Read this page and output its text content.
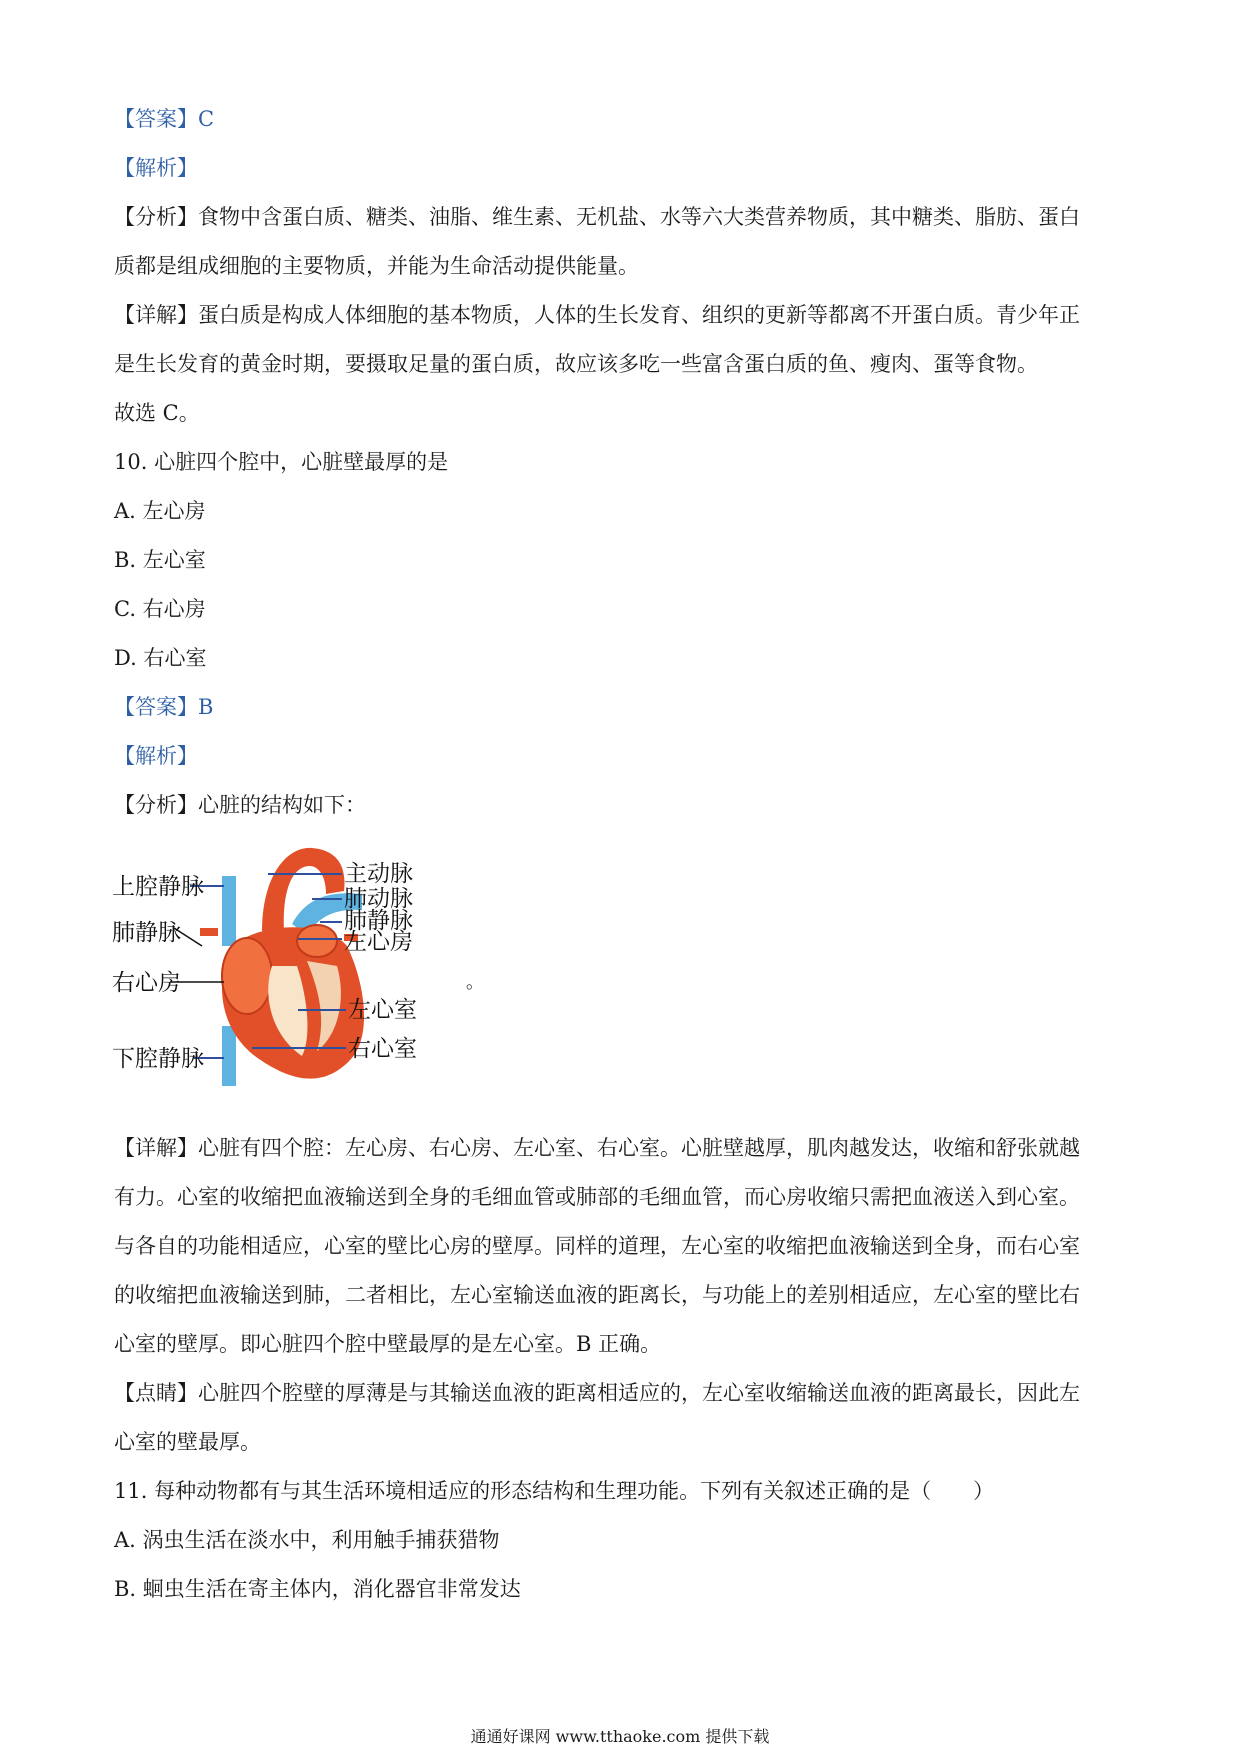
【答案】C
【解析】
【分析】食物中含蛋白质、糖类、油脂、维生素、无机盐、水等六大类营养物质，其中糖类、脂肪、蛋白
质都是组成细胞的主要物质，并能为生命活动提供能量。
【详解】蛋白质是构成人体细胞的基本物质，人体的生长发育、组织的更新等都离不开蛋白质。青少年正
是生长发育的黄金时期，要摄取足量的蛋白质，故应该多吃一些富含蛋白质的鱼、瘦肉、蛋等食物。
故选 C。
10. 心脏四个腔中，心脏壁最厚的是
A. 左心房
B. 左心室
C. 右心房
D. 右心室
【答案】B
【解析】
【分析】心脏的结构如下：
主动脉
肺动脉
肺静脉
左心房
左心室
右心室
上腔静脉
肺静脉
右心房
下腔静脉
。
【详解】心脏有四个腔：左心房、右心房、左心室、右心室。心脏壁越厚，肌肉越发达，收缩和舒张就越
有力。心室的收缩把血液输送到全身的毛细血管或肺部的毛细血管，而心房收缩只需把血液送入到心室。
与各自的功能相适应，心室的壁比心房的壁厚。同样的道理，左心室的收缩把血液输送到全身，而右心室
的收缩把血液输送到肺，二者相比，左心室输送血液的距离长，与功能上的差别相适应，左心室的壁比右
心室的壁厚。即心脏四个腔中壁最厚的是左心室。B 正确。
【点睛】心脏四个腔壁的厚薄是与其输送血液的距离相适应的，左心室收缩输送血液的距离最长，因此左
心室的壁最厚。
11. 每种动物都有与其生活环境相适应的形态结构和生理功能。下列有关叙述正确的是（　　）
A. 涡虫生活在淡水中，利用触手捕获猎物
B. 蛔虫生活在寄主体内，消化器官非常发达
通通好课网 www.tthaoke.com 提供下载
